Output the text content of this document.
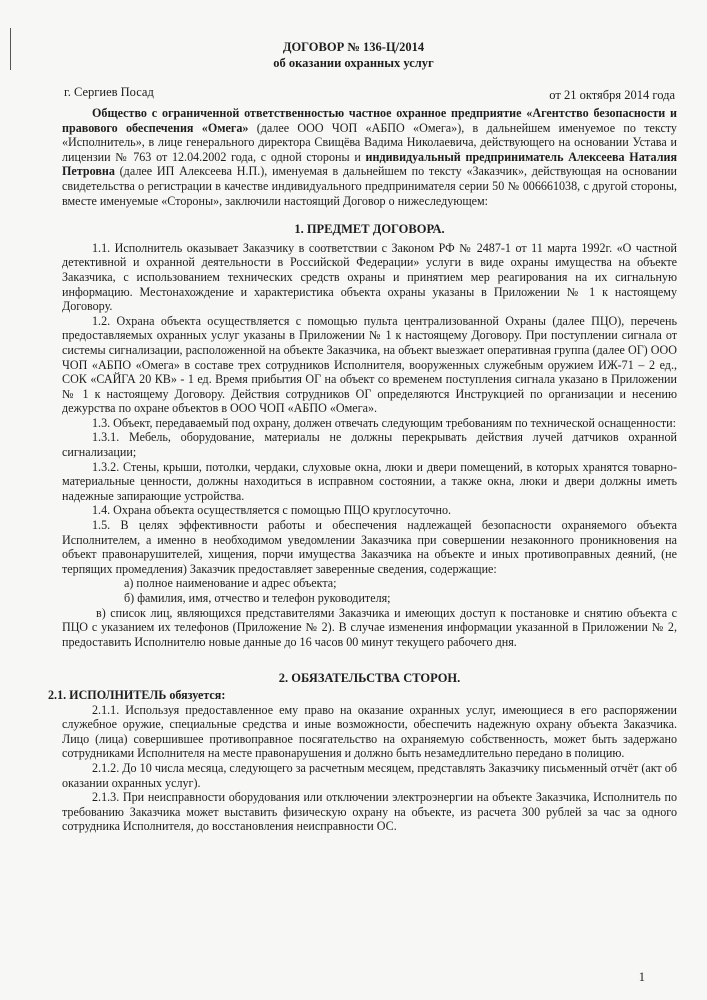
ДОГОВОР № 136-Ц/2014
об оказании охранных услуг
г. Сергиев Посад	от 21 октября 2014 года

Общество с ограниченной ответственностью частное охранное предприятие «Агентство безопасности и правового обеспечения «Омега» (далее ООО ЧОП «АБПО «Омега»), в дальнейшем именуемое по тексту «Исполнитель», в лице генерального директора Свищёва Вадима Николаевича, действующего на основании Устава и лицензии № 763 от 12.04.2002 года, с одной стороны и индивидуальный предприниматель Алексеева Наталия Петровна (далее ИП Алексеева Н.П.), именуемая в дальнейшем по тексту «Заказчик», действующая на основании свидетельства о регистрации в качестве индивидуального предпринимателя серии 50 № 006661038, с другой стороны, вместе именуемые «Стороны», заключили настоящий Договор о нижеследующем:

1. ПРЕДМЕТ ДОГОВОРА.

1.1. Исполнитель оказывает Заказчику в соответствии с Законом РФ № 2487-1 от 11 марта 1992г. «О частной детективной и охранной деятельности в Российской Федерации» услуги в виде охраны имущества на объекте Заказчика, с использованием технических средств охраны и принятием мер реагирования на их сигнальную информацию. Местонахождение и характеристика объекта охраны указаны в Приложении № 1 к настоящему Договору.

1.2. Охрана объекта осуществляется с помощью пульта централизованной Охраны (далее ПЦО), перечень предоставляемых охранных услуг указаны в Приложении № 1 к настоящему Договору. При поступлении сигнала от системы сигнализации, расположенной на объекте Заказчика, на объект выезжает оперативная группа (далее ОГ) ООО ЧОП «АБПО «Омега» в составе трех сотрудников Исполнителя, вооруженных служебным оружием ИЖ-71 – 2 ед., СОК «САЙГА 20 КВ» - 1 ед. Время прибытия ОГ на объект со временем поступления сигнала указано в Приложении № 1 к настоящему Договору. Действия сотрудников ОГ определяются Инструкцией по организации и несению дежурства по охране объектов в ООО ЧОП «АБПО «Омега».

1.3. Объект, передаваемый под охрану, должен отвечать следующим требованиям по технической оснащенности:

1.3.1. Мебель, оборудование, материалы не должны перекрывать действия лучей датчиков охранной сигнализации;

1.3.2. Стены, крыши, потолки, чердаки, слуховые окна, люки и двери помещений, в которых хранятся товарно-материальные ценности, должны находиться в исправном состоянии, а также окна, люки и двери должны иметь надежные запирающие устройства.

1.4. Охрана объекта осуществляется с помощью ПЦО круглосуточно.

1.5. В целях эффективности работы и обеспечения надлежащей безопасности охраняемого объекта Исполнителем, а именно в необходимом уведомлении Заказчика при совершении незаконного проникновения на объект правонарушителей, хищения, порчи имущества Заказчика на объекте и иных противоправных деяний, (не терпящих промедления) Заказчик предоставляет заверенные сведения, содержащие:

а) полное наименование и адрес объекта;

б) фамилия, имя, отчество и телефон руководителя;

в) список лиц, являющихся представителями Заказчика и имеющих доступ к постановке и снятию объекта с ПЦО с указанием их телефонов (Приложение № 2). В случае изменения информации указанной в Приложении № 2, предоставить Исполнителю новые данные до 16 часов 00 минут текущего рабочего дня.

2. ОБЯЗАТЕЛЬСТВА СТОРОН.

2.1. ИСПОЛНИТЕЛЬ обязуется:

2.1.1. Используя предоставленное ему право на оказание охранных услуг, имеющиеся в его распоряжении служебное оружие, специальные средства и иные возможности, обеспечить надежную охрану объекта Заказчика. Лицо (лица) совершившее противоправное посягательство на охраняемую собственность, может быть задержано сотрудниками Исполнителя на месте правонарушения и должно быть незамедлительно передано в полицию.

2.1.2. До 10 числа месяца, следующего за расчетным месяцем, представлять Заказчику письменный отчёт (акт об оказании охранных услуг).

2.1.3. При неисправности оборудования или отключении электроэнергии на объекте Заказчика, Исполнитель по требованию Заказчика может выставить физическую охрану на объекте, из расчета 300 рублей за час за одного сотрудника Исполнителя, до восстановления неисправности ОС.

1
